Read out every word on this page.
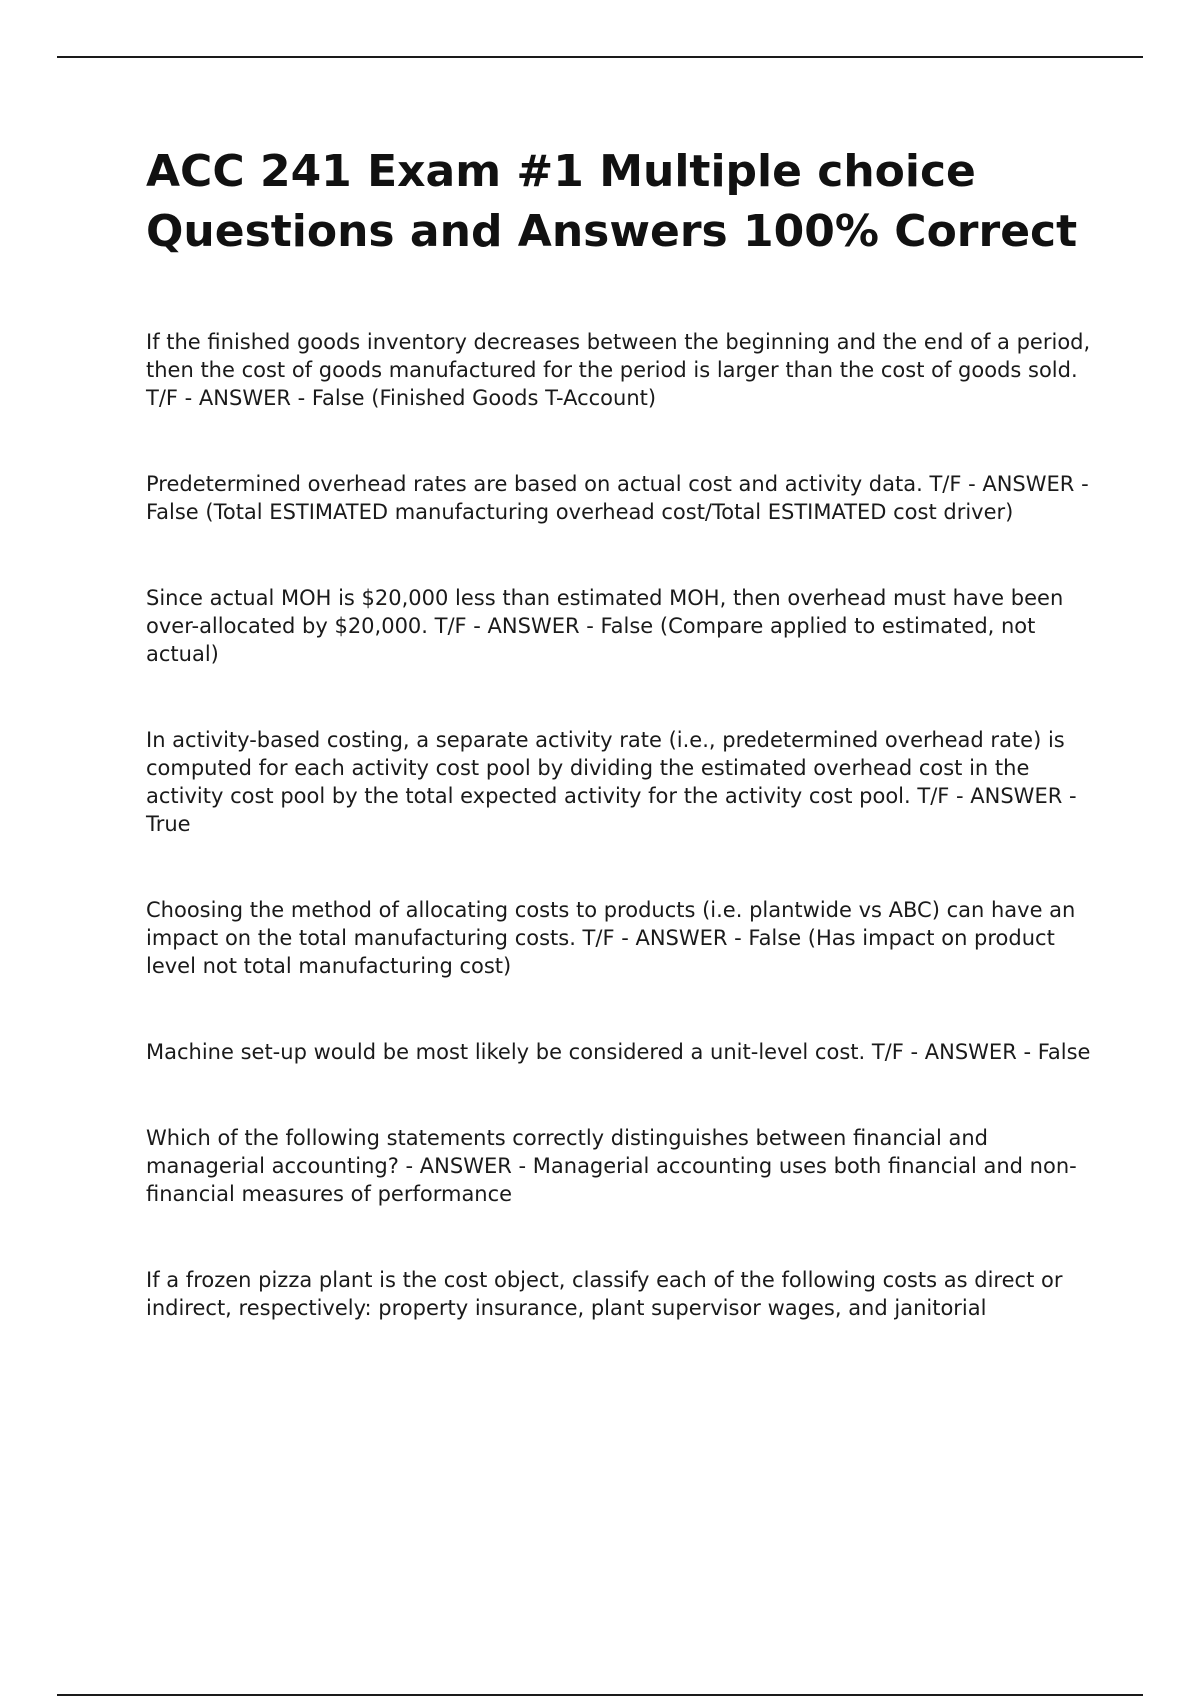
ACC 241 Exam #1 Multiple choice Questions and Answers 100% Correct

If the finished goods inventory decreases between the beginning and the end of a period, then the cost of goods manufactured for the period is larger than the cost of goods sold. T/F - ANSWER - False (Finished Goods T-Account)

Predetermined overhead rates are based on actual cost and activity data. T/F - ANSWER - False (Total ESTIMATED manufacturing overhead cost/Total ESTIMATED cost driver)

Since actual MOH is $20,000 less than estimated MOH, then overhead must have been over-allocated by $20,000. T/F - ANSWER - False (Compare applied to estimated, not actual)

In activity-based costing, a separate activity rate (i.e., predetermined overhead rate) is computed for each activity cost pool by dividing the estimated overhead cost in the activity cost pool by the total expected activity for the activity cost pool. T/F - ANSWER - True

Choosing the method of allocating costs to products (i.e. plantwide vs ABC) can have an impact on the total manufacturing costs. T/F - ANSWER - False (Has impact on product level not total manufacturing cost)

Machine set-up would be most likely be considered a unit-level cost. T/F - ANSWER - False

Which of the following statements correctly distinguishes between financial and managerial accounting? - ANSWER - Managerial accounting uses both financial and non-financial measures of performance

If a frozen pizza plant is the cost object, classify each of the following costs as direct or indirect, respectively: property insurance, plant supervisor wages, and janitorial
